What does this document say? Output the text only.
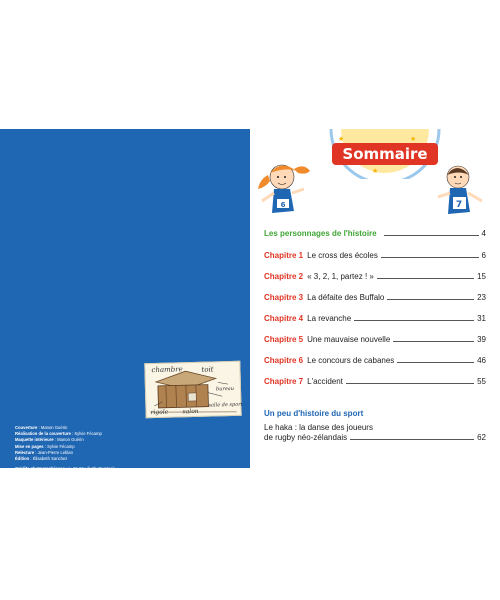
chambre	toit
bureau
salon
salle de sport
rigole
Couverture : Manon Guérin
Réalisation de la couverture : Sylvie Fécamp
Maquette intérieure : Manon Guérin
Mise en pages : Sylvie Fécamp
Relecture : Jean-Pierre Leblan
Édition : Élisabeth Sanchez
Crédits photographiques : p. 62-63 : © Shutterstock.
ISBN : 978-2-01-718249-8
© Hachette Livre 2022, 58 rue Jean-Bleuzen, CS 70007, 92178 Vanves Cedex.
Tous droits de traduction, de reproduction et d'adaptation réservés pour tous pays.
www.parascolaire.hachette-education.com
★
★
★
Sommaire
6	7
Les personnages de l'histoire	4
Chapitre 1 Le cross des écoles	6
Chapitre 2 « 3, 2, 1, partez ! »	15
Chapitre 3 La défaite des Buffalo	23
Chapitre 4 La revanche	31
Chapitre 5 Une mauvaise nouvelle	39
Chapitre 6 Le concours de cabanes	46
Chapitre 7 L'accident	55
Un peu d'histoire du sport
Le haka : la danse des joueurs
de rugby néo-zélandais	62
